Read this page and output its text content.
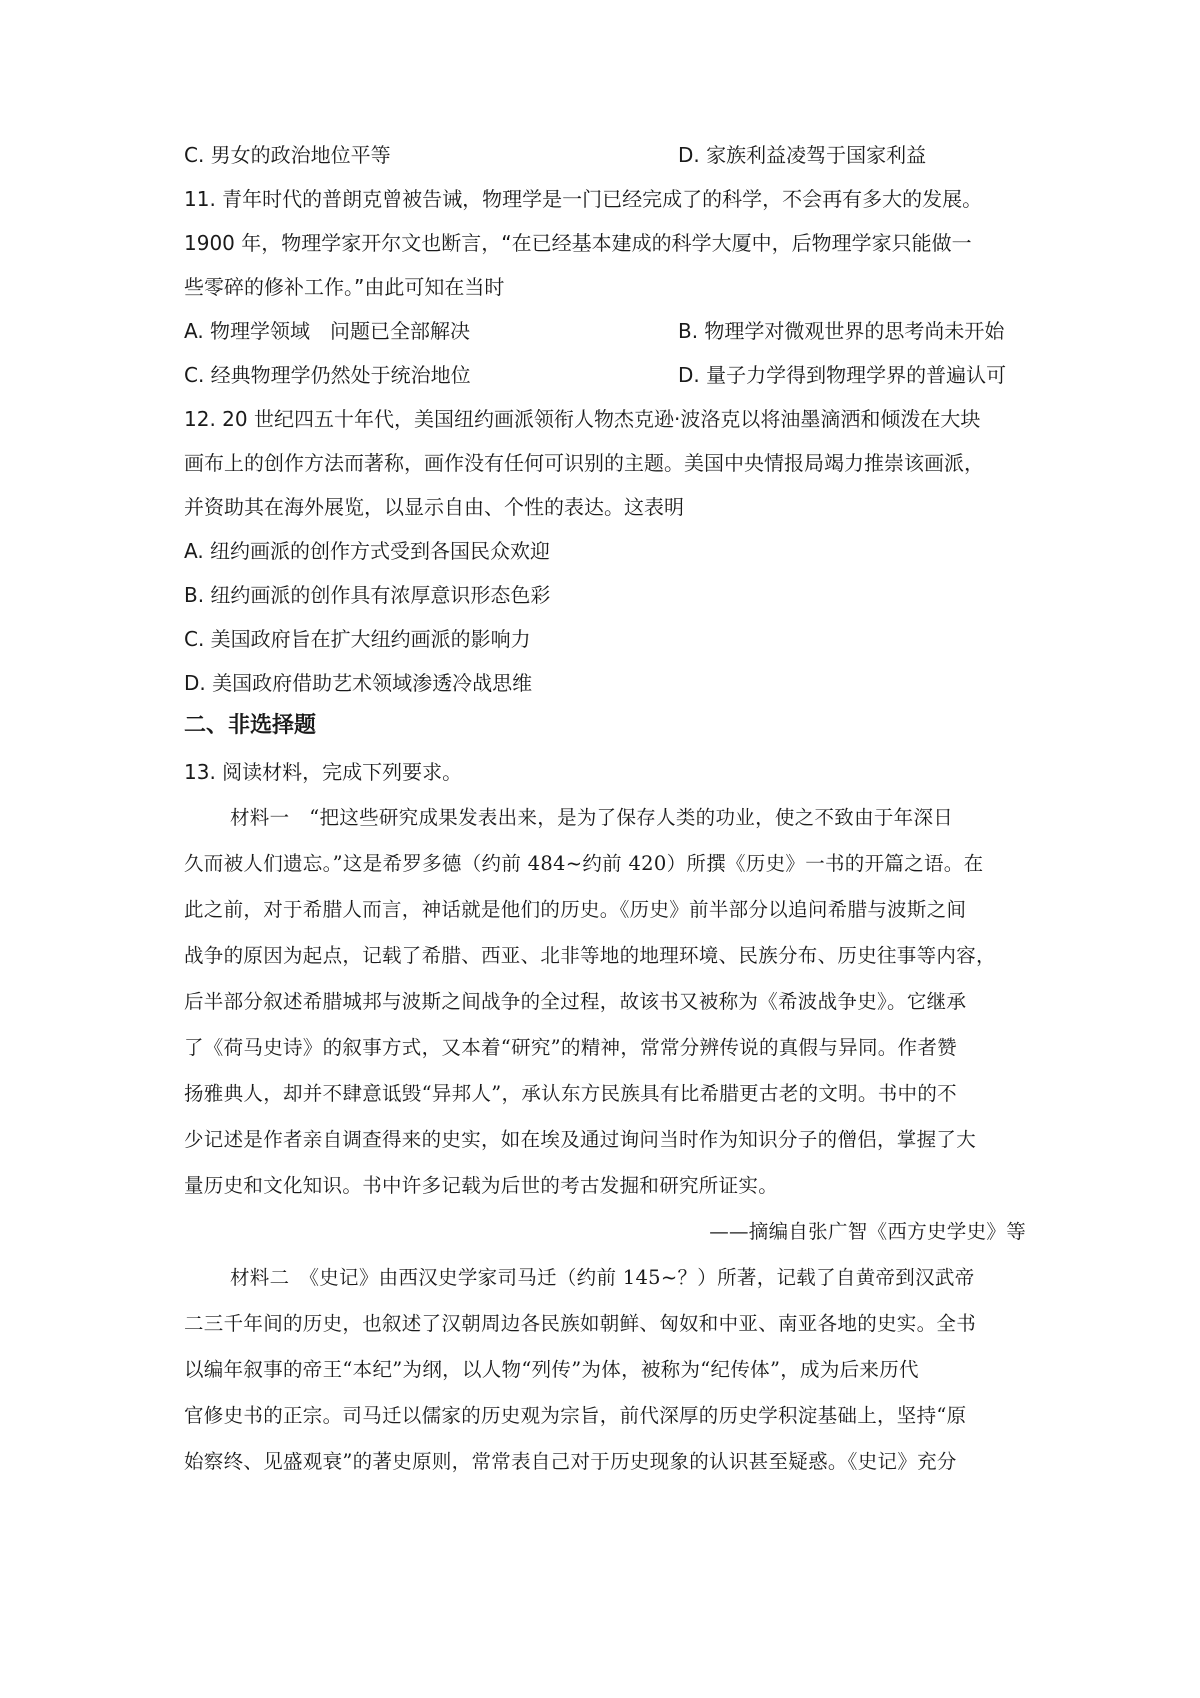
C. 男女的政治地位平等	D. 家族利益凌驾于国家利益
11. 青年时代的普朗克曾被告诫，物理学是一门已经完成了的科学，不会再有多大的发展。
1900 年，物理学家开尔文也断言，“在已经基本建成的科学大厦中，后物理学家只能做一
些零碎的修补工作。”由此可知在当时
A. 物理学领域　问题已全部解决	B. 物理学对微观世界的思考尚未开始
C. 经典物理学仍然处于统治地位	D. 量子力学得到物理学界的普遍认可
12. 20 世纪四五十年代，美国纽约画派领衔人物杰克逊·波洛克以将油墨滴洒和倾泼在大块
画布上的创作方法而著称，画作没有任何可识别的主题。美国中央情报局竭力推崇该画派，
并资助其在海外展览，以显示自由、个性的表达。这表明
A. 纽约画派的创作方式受到各国民众欢迎
B. 纽约画派的创作具有浓厚意识形态色彩
C. 美国政府旨在扩大纽约画派的影响力
D. 美国政府借助艺术领域渗透冷战思维
二、非选择题
13. 阅读材料，完成下列要求。
材料一　“把这些研究成果发表出来，是为了保存人类的功业，使之不致由于年深日
久而被人们遗忘。”这是希罗多德（约前 484~约前 420）所撰《历史》一书的开篇之语。在
此之前，对于希腊人而言，神话就是他们的历史。《历史》前半部分以追问希腊与波斯之间
战争的原因为起点，记载了希腊、西亚、北非等地的地理环境、民族分布、历史往事等内容，
后半部分叙述希腊城邦与波斯之间战争的全过程，故该书又被称为《希波战争史》。它继承
了《荷马史诗》的叙事方式，又本着“研究”的精神，常常分辨传说的真假与异同。作者赞
扬雅典人，却并不肆意诋毁“异邦人”，承认东方民族具有比希腊更古老的文明。书中的不
少记述是作者亲自调查得来的史实，如在埃及通过询问当时作为知识分子的僧侣，掌握了大
量历史和文化知识。书中许多记载为后世的考古发掘和研究所证实。
——摘编自张广智《西方史学史》等
材料二　《史记》由西汉史学家司马迁（约前 145~？）所著，记载了自黄帝到汉武帝
二三千年间的历史，也叙述了汉朝周边各民族如朝鲜、匈奴和中亚、南亚各地的史实。全书
以编年叙事的帝王“本纪”为纲，以人物“列传”为体，被称为“纪传体”，成为后来历代
官修史书的正宗。司马迁以儒家的历史观为宗旨，前代深厚的历史学积淀基础上，坚持“原
始察终、见盛观衰”的著史原则，常常表自己对于历史现象的认识甚至疑惑。《史记》充分
